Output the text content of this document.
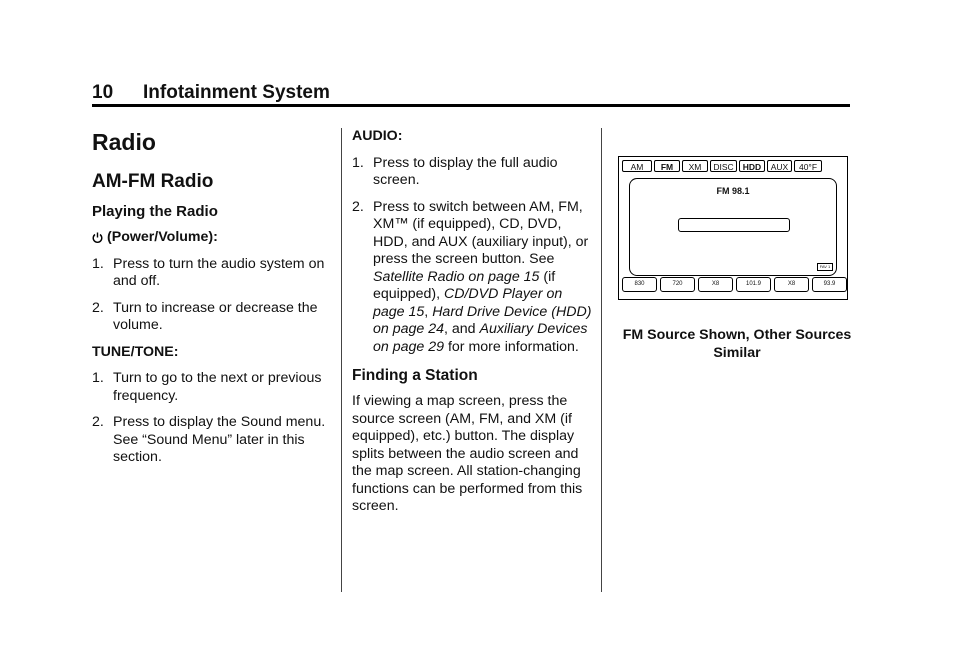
10 Infotainment System
Radio
AM-FM Radio
Playing the Radio
(Power/Volume):
1. Press to turn the audio system on and off.
2. Turn to increase or decrease the volume.
TUNE/TONE:
1. Turn to go to the next or previous frequency.
2. Press to display the Sound menu. See “Sound Menu” later in this section.
AUDIO:
1. Press to display the full audio screen.
2. Press to switch between AM, FM, XM™ (if equipped), CD, DVD, HDD, and AUX (auxiliary input), or press the screen button. See Satellite Radio on page 15 (if equipped), CD/DVD Player on page 15, Hard Drive Device (HDD) on page 24, and Auxiliary Devices on page 29 for more information.
Finding a Station

If viewing a map screen, press the source screen (AM, FM, and XM (if equipped), etc.) button. The display splits between the audio screen and the map screen. All station-changing functions can be performed from this screen.

AM	FM	XM	DISC	HDD	AUX	40°F
FM 98.1
FAV 1
830	720	X8	101.9	X8	93.9
FM Source Shown, Other Sources Similar
